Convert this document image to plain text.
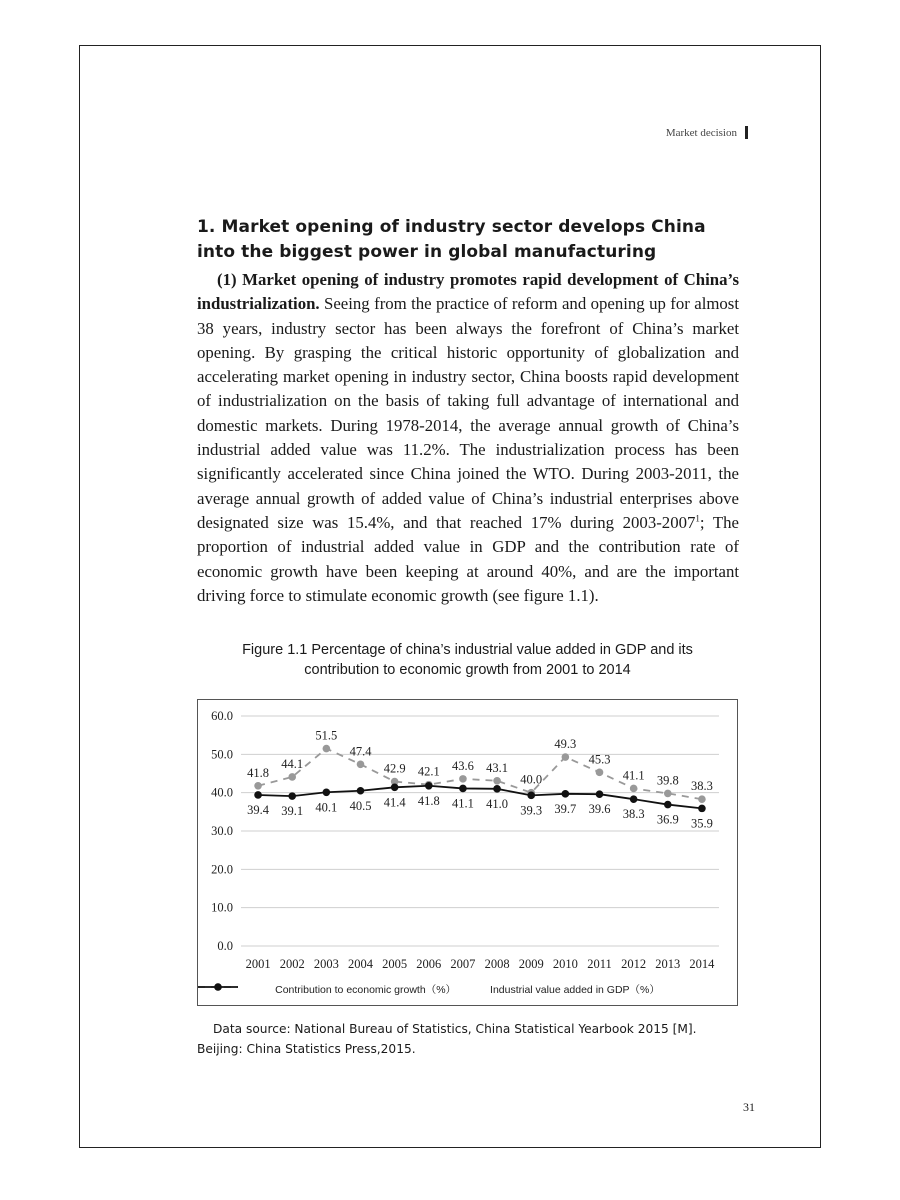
Market decision
1. Market opening of industry sector develops China into the biggest power in global manufacturing

(1) Market opening of industry promotes rapid development of China’s industrialization. Seeing from the practice of reform and opening up for almost 38 years, industry sector has been always the forefront of China’s market opening. By grasping the critical historic opportunity of globalization and accelerating market opening in industry sector, China boosts rapid development of industrialization on the basis of taking full advantage of international and domestic markets. During 1978-2014, the average annual growth of China’s industrial added value was 11.2%. The industrialization process has been significantly accelerated since China joined the WTO. During 2003-2011, the average annual growth of added value of China’s industrial enterprises above designated size was 15.4%, and that reached 17% during 2003-2007$^1$; The proportion of industrial added value in GDP and the contribution rate of economic growth have been keeping at around 40%, and are the important driving force to stimulate economic growth (see figure 1.1).

Figure 1.1 Percentage of china’s industrial value added in GDP and its
contribution to economic growth from 2001 to 2014
0.0
10.0
20.0
30.0
40.0
50.0
60.0
2001 2002 2003 2004 2005 2006 2007 2008 2009 2010 2011 2012 2013 2014
41.8
44.1
51.5
47.4
42.9 42.1 43.6 43.1
40.0
49.3
45.3
41.1 39.8 38.3
39.4 39.1 40.1 40.5 41.4 41.8 41.1 41.0 39.3 39.7 39.6 38.3 36.9 35.9
Contribution to economic growth（%）	Industrial value added in GDP（%）
Data source: National Bureau of Statistics, China Statistical Yearbook 2015 [M]. Beijing: China Statistics Press,2015.
31
